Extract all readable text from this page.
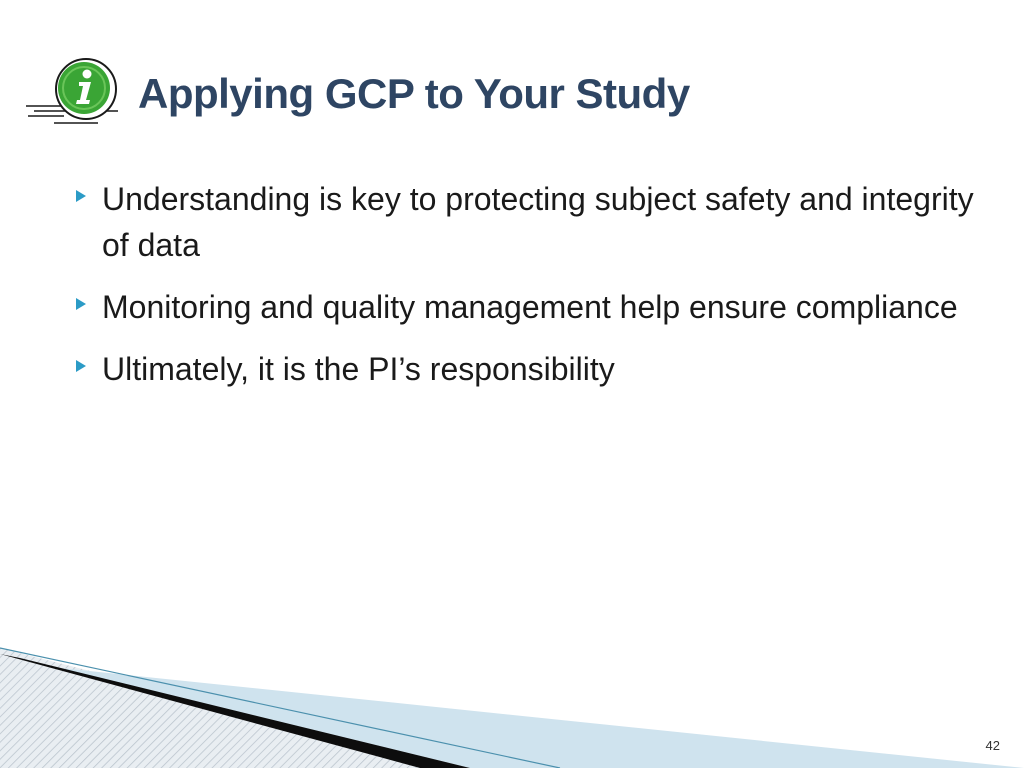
Applying GCP to Your Study
Understanding is key to protecting subject safety and integrity of data
Monitoring and quality management help ensure compliance
Ultimately, it is the PI’s responsibility
42
